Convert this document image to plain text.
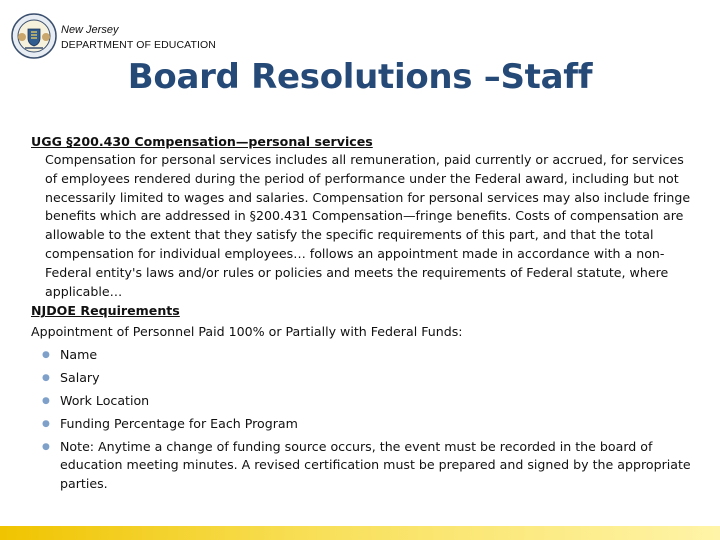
New Jersey
DEPARTMENT OF EDUCATION
Board Resolutions –Staff
UGG §200.430 Compensation—personal services
Compensation for personal services includes all remuneration, paid currently or accrued, for services of employees rendered during the period of performance under the Federal award, including but not necessarily limited to wages and salaries. Compensation for personal services may also include fringe benefits which are addressed in §200.431 Compensation—fringe benefits. Costs of compensation are allowable to the extent that they satisfy the specific requirements of this part, and that the total compensation for individual employees… follows an appointment made in accordance with a non-Federal entity's laws and/or rules or policies and meets the requirements of Federal statute, where applicable…
NJDOE Requirements
Appointment of Personnel Paid 100% or Partially with Federal Funds:
● Name
● Salary
● Work Location
● Funding Percentage for Each Program
● Note: Anytime a change of funding source occurs, the event must be recorded in the board of education meeting minutes. A revised certification must be prepared and signed by the appropriate parties.
